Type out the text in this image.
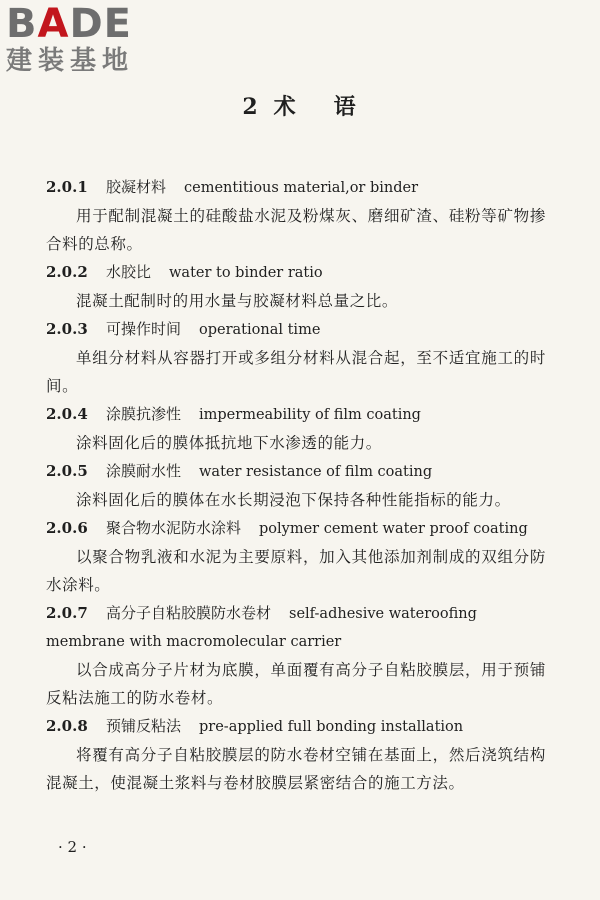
BADE

建装基地

2 术 语

2.0.1 胶凝材料 cementitious material,or binder

用于配制混凝土的硅酸盐水泥及粉煤灰、磨细矿渣、硅粉等矿物掺合料的总称。

2.0.2 水胶比 water to binder ratio

混凝土配制时的用水量与胶凝材料总量之比。

2.0.3 可操作时间 operational time

单组分材料从容器打开或多组分材料从混合起，至不适宜施工的时间。

2.0.4 涂膜抗渗性 impermeability of film coating

涂料固化后的膜体抵抗地下水渗透的能力。

2.0.5 涂膜耐水性 water resistance of film coating

涂料固化后的膜体在水长期浸泡下保持各种性能指标的能力。

2.0.6 聚合物水泥防水涂料 polymer cement water proof coating

以聚合物乳液和水泥为主要原料，加入其他添加剂制成的双组分防水涂料。

2.0.7 高分子自粘胶膜防水卷材 self-adhesive wateroofing membrane with macromolecular carrier

以合成高分子片材为底膜，单面覆有高分子自粘胶膜层，用于预铺反粘法施工的防水卷材。

2.0.8 预铺反粘法 pre-applied full bonding installation

将覆有高分子自粘胶膜层的防水卷材空铺在基面上，然后浇筑结构混凝土，使混凝土浆料与卷材胶膜层紧密结合的施工方法。

· 2 ·
